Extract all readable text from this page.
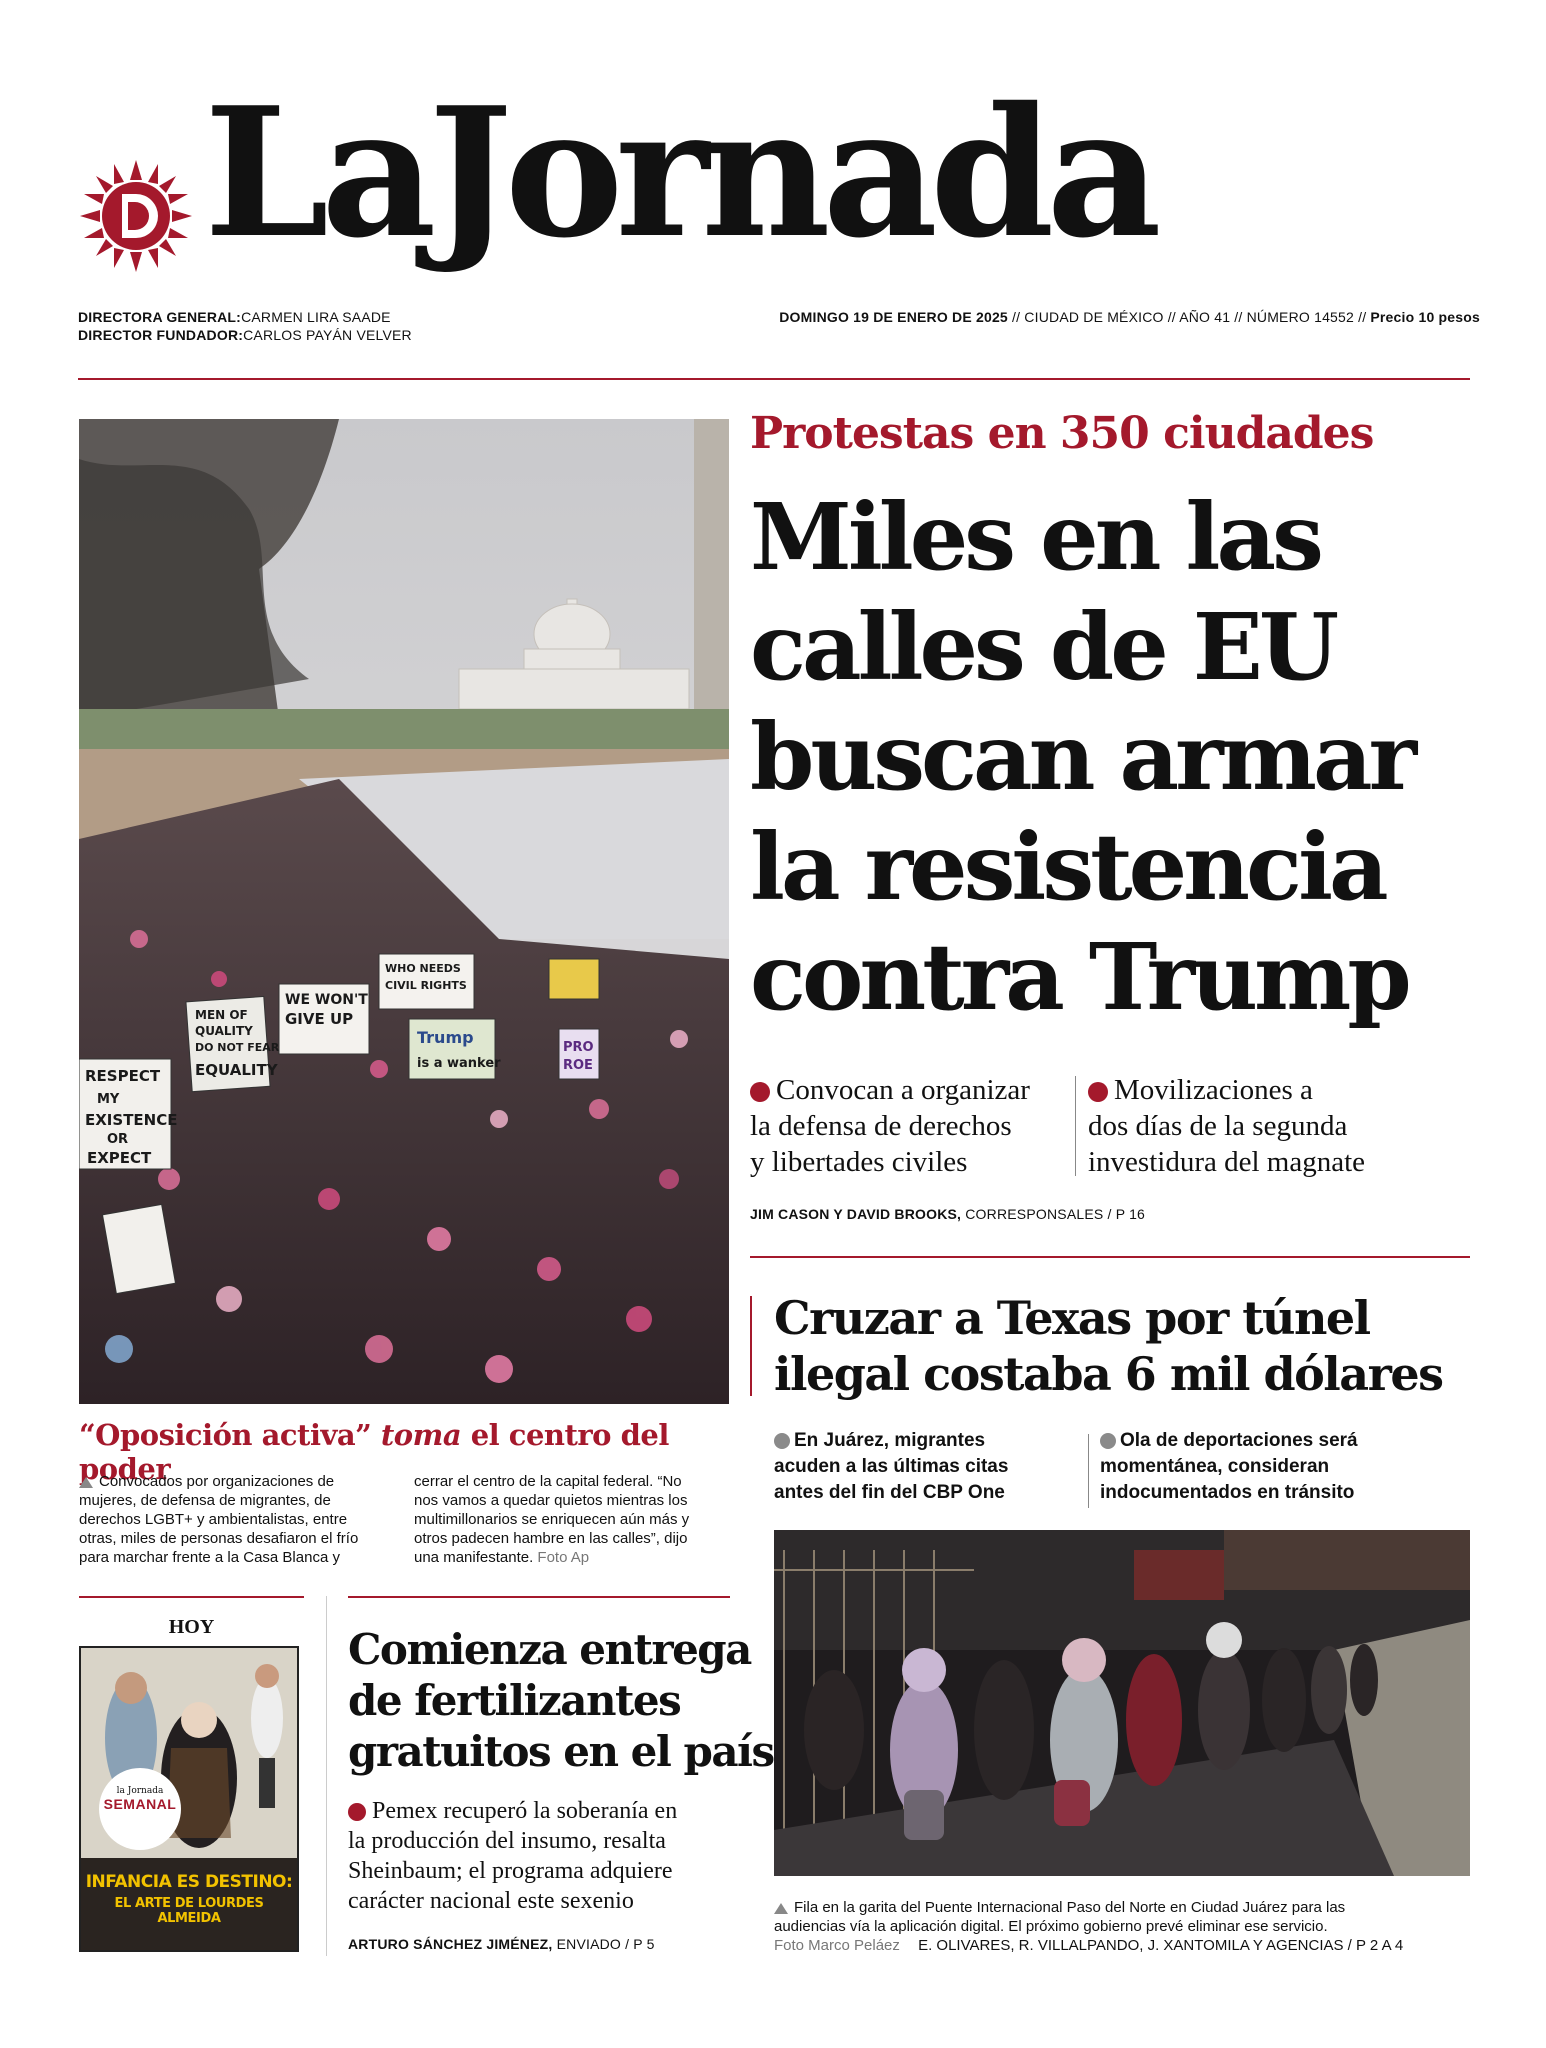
LaJornada
DIRECTORA GENERAL:CARMEN LIRA SAADE
DIRECTOR FUNDADOR:CARLOS PAYÁN VELVER
DOMINGO 19 DE ENERO DE 2025 // CIUDAD DE MÉXICO // AÑO 41 // NÚMERO 14552 // Precio 10 pesos
RESPECT
MY
EXISTENCE
OR
EXPECT
MEN OF
QUALITY
DO NOT FEAR
EQUALITY
WE WON'T
GIVE UP
WHO NEEDS
CIVIL RIGHTS
Trump
is a wanker
PRO
ROE
“Oposición activa” toma el centro del poder
Convocados por organizaciones de
mujeres, de defensa de migrantes, de
derechos LGBT+ y ambientalistas, entre
otras, miles de personas desafiaron el frío
para marchar frente a la Casa Blanca y
cerrar el centro de la capital federal. “No
nos vamos a quedar quietos mientras los
multimillonarios se enriquecen aún más y
otros padecen hambre en las calles”, dijo
una manifestante. Foto Ap
Protestas en 350 ciudades
Miles en las
calles de EU
buscan armar
la resistencia
contra Trump
Convocan a organizar
la defensa de derechos
y libertades civiles
Movilizaciones a
dos días de la segunda
investidura del magnate
JIM CASON Y DAVID BROOKS, CORRESPONSALES / P 16
Cruzar a Texas por túnel
ilegal costaba 6 mil dólares
En Juárez, migrantes
acuden a las últimas citas
antes del fin del CBP One
Ola de deportaciones será
momentánea, consideran
indocumentados en tránsito
Fila en la garita del Puente Internacional Paso del Norte en Ciudad Juárez para las
audiencias vía la aplicación digital. El próximo gobierno prevé eliminar ese servicio.
Foto Marco Peláez E. OLIVARES, R. VILLALPANDO, J. XANTOMILA Y AGENCIAS / P 2 A 4
HOY
la Jornada
SEMANAL
INFANCIA ES DESTINO:
EL ARTE DE LOURDES ALMEIDA
Comienza entrega
de fertilizantes
gratuitos en el país
Pemex recuperó la soberanía en
la producción del insumo, resalta
Sheinbaum; el programa adquiere
carácter nacional este sexenio
ARTURO SÁNCHEZ JIMÉNEZ, ENVIADO / P 5
